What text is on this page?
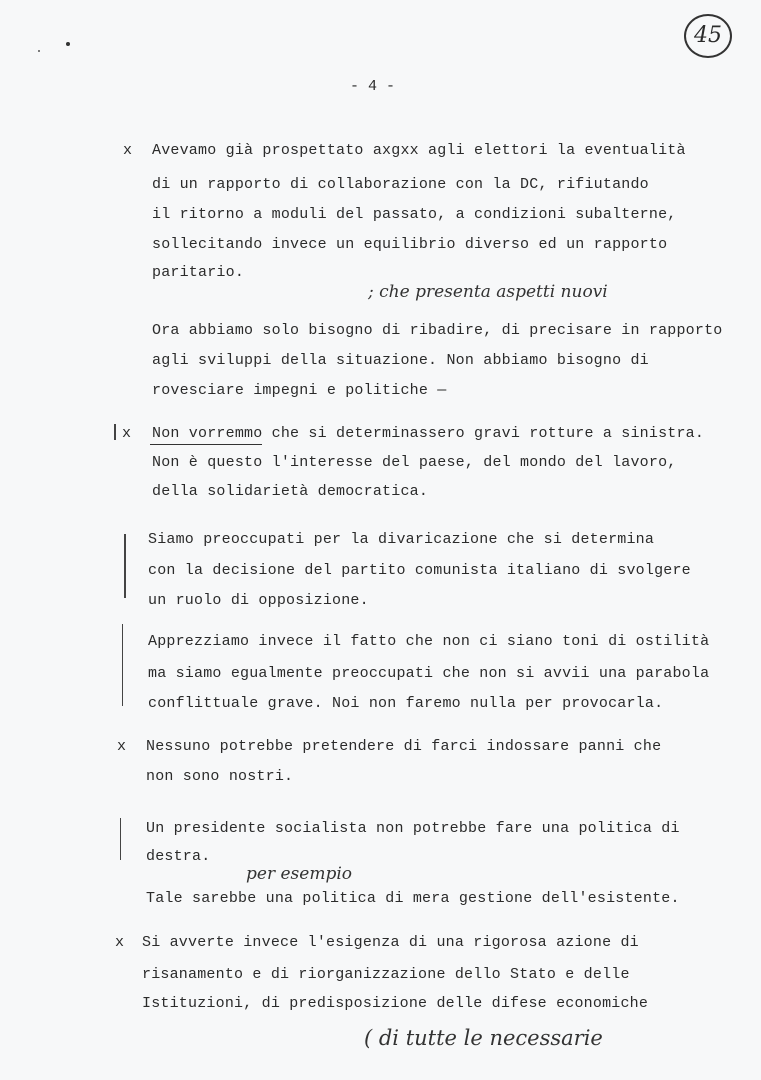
45
- 4 -
x Avevamo già prospettato axgxx agli elettori la eventualità
di un rapporto di collaborazione con la DC, rifiutando
il ritorno a moduli del passato, a condizioni subalterne,
sollecitando invece un equilibrio diverso ed un rapporto
paritario.
; che presenta aspetti nuovi
Ora abbiamo solo bisogno di ribadire, di precisare in rapporto
agli sviluppi della situazione. Non abbiamo bisogno di
rovesciare impegni e politiche —
x Non vorremmo che si determinassero gravi rotture a sinistra.
Non è questo l'interesse del paese, del mondo del lavoro,
della solidarietà democratica.
Siamo preoccupati per la divaricazione che si determina
con la decisione del partito comunista italiano di svolgere
un ruolo di opposizione.
Apprezziamo invece il fatto che non ci siano toni di ostilità
ma siamo egualmente preoccupati che non si avvii una parabola
conflittuale grave. Noi non faremo nulla per provocarla.
x Nessuno potrebbe pretendere di farci indossare panni che
non sono nostri.
Un presidente socialista non potrebbe fare una politica di
destra.
per esempio
Tale sarebbe una politica di mera gestione dell'esistente.
x Si avverte invece l'esigenza di una rigorosa azione di
risanamento e di riorganizzazione dello Stato e delle
Istituzioni, di predisposizione delle difese economiche
( di tutte le necessarie
